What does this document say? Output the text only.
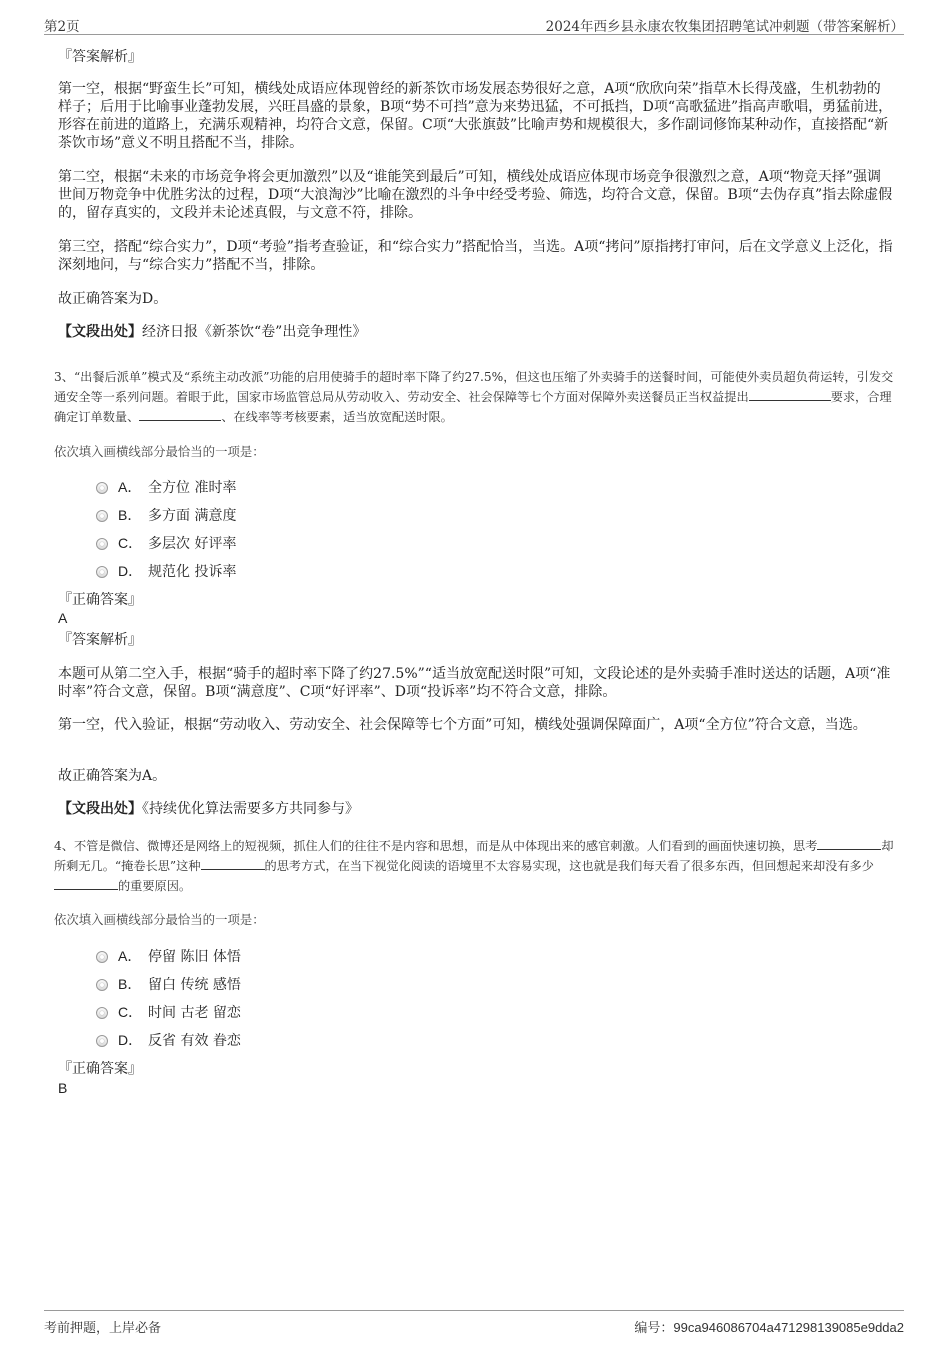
第2页	2024年西乡县永康农牧集团招聘笔试冲刺题（带答案解析）
『答案解析』

第一空，根据“野蛮生长”可知，横线处成语应体现曾经的新茶饮市场发展态势很好之意，A项“欣欣向荣”指草木长得茂盛，生机勃勃的样子；后用于比喻事业蓬勃发展，兴旺昌盛的景象，B项“势不可挡”意为来势迅猛，不可抵挡，D项“高歌猛进”指高声歌唱，勇猛前进，形容在前进的道路上，充满乐观精神，均符合文意，保留。C项“大张旗鼓”比喻声势和规模很大，多作副词修饰某种动作，直接搭配“新茶饮市场”意义不明且搭配不当，排除。

第二空，根据“未来的市场竞争将会更加激烈”以及“谁能笑到最后”可知，横线处成语应体现市场竞争很激烈之意，A项“物竞天择”强调世间万物竞争中优胜劣汰的过程，D项“大浪淘沙”比喻在激烈的斗争中经受考验、筛选，均符合文意，保留。B项“去伪存真”指去除虚假的，留存真实的，文段并未论述真假，与文意不符，排除。

第三空，搭配“综合实力”，D项“考验”指考查验证，和“综合实力”搭配恰当，当选。A项“拷问”原指拷打审问，后在文学意义上泛化，指深刻地问，与“综合实力”搭配不当，排除。

故正确答案为D。
【文段出处】经济日报《新茶饮“卷”出竞争理性》

3、“出餐后派单”模式及“系统主动改派”功能的启用使骑手的超时率下降了约27.5%，但这也压缩了外卖骑手的送餐时间，可能使外卖员超负荷运转，引发交通安全等一系列问题。着眼于此，国家市场监管总局从劳动收入、劳动安全、社会保障等七个方面对保障外卖送餐员正当权益提出	要求，合理确定订单数量、	、在线率等考核要素，适当放宽配送时限。

依次填入画横线部分最恰当的一项是：
A． 全方位 准时率
B． 多方面 满意度
C． 多层次 好评率
D． 规范化 投诉率
『正确答案』
A
『答案解析』

本题可从第二空入手，根据“骑手的超时率下降了约27.5%”“适当放宽配送时限”可知，文段论述的是外卖骑手准时送达的话题，A项“准时率”符合文意，保留。B项“满意度”、C项“好评率”、D项“投诉率”均不符合文意，排除。

第一空，代入验证，根据“劳动收入、劳动安全、社会保障等七个方面”可知，横线处强调保障面广，A项“全方位”符合文意，当选。

故正确答案为A。
【文段出处】《持续优化算法需要多方共同参与》

4、不管是微信、微博还是网络上的短视频，抓住人们的往往不是内容和思想，而是从中体现出来的感官刺激。人们看到的画面快速切换，思考	却所剩无几。“掩卷长思”这种	的思考方式，在当下视觉化阅读的语境里不太容易实现，这也就是我们每天看了很多东西，但回想起来却没有多少的重要原因。

依次填入画横线部分最恰当的一项是：
A． 停留 陈旧 体悟
B． 留白 传统 感悟
C． 时间 古老 留恋
D． 反省 有效 眷恋
『正确答案』
B
考前押题，上岸必备	编号：99ca946086704a471298139085e9dda2
